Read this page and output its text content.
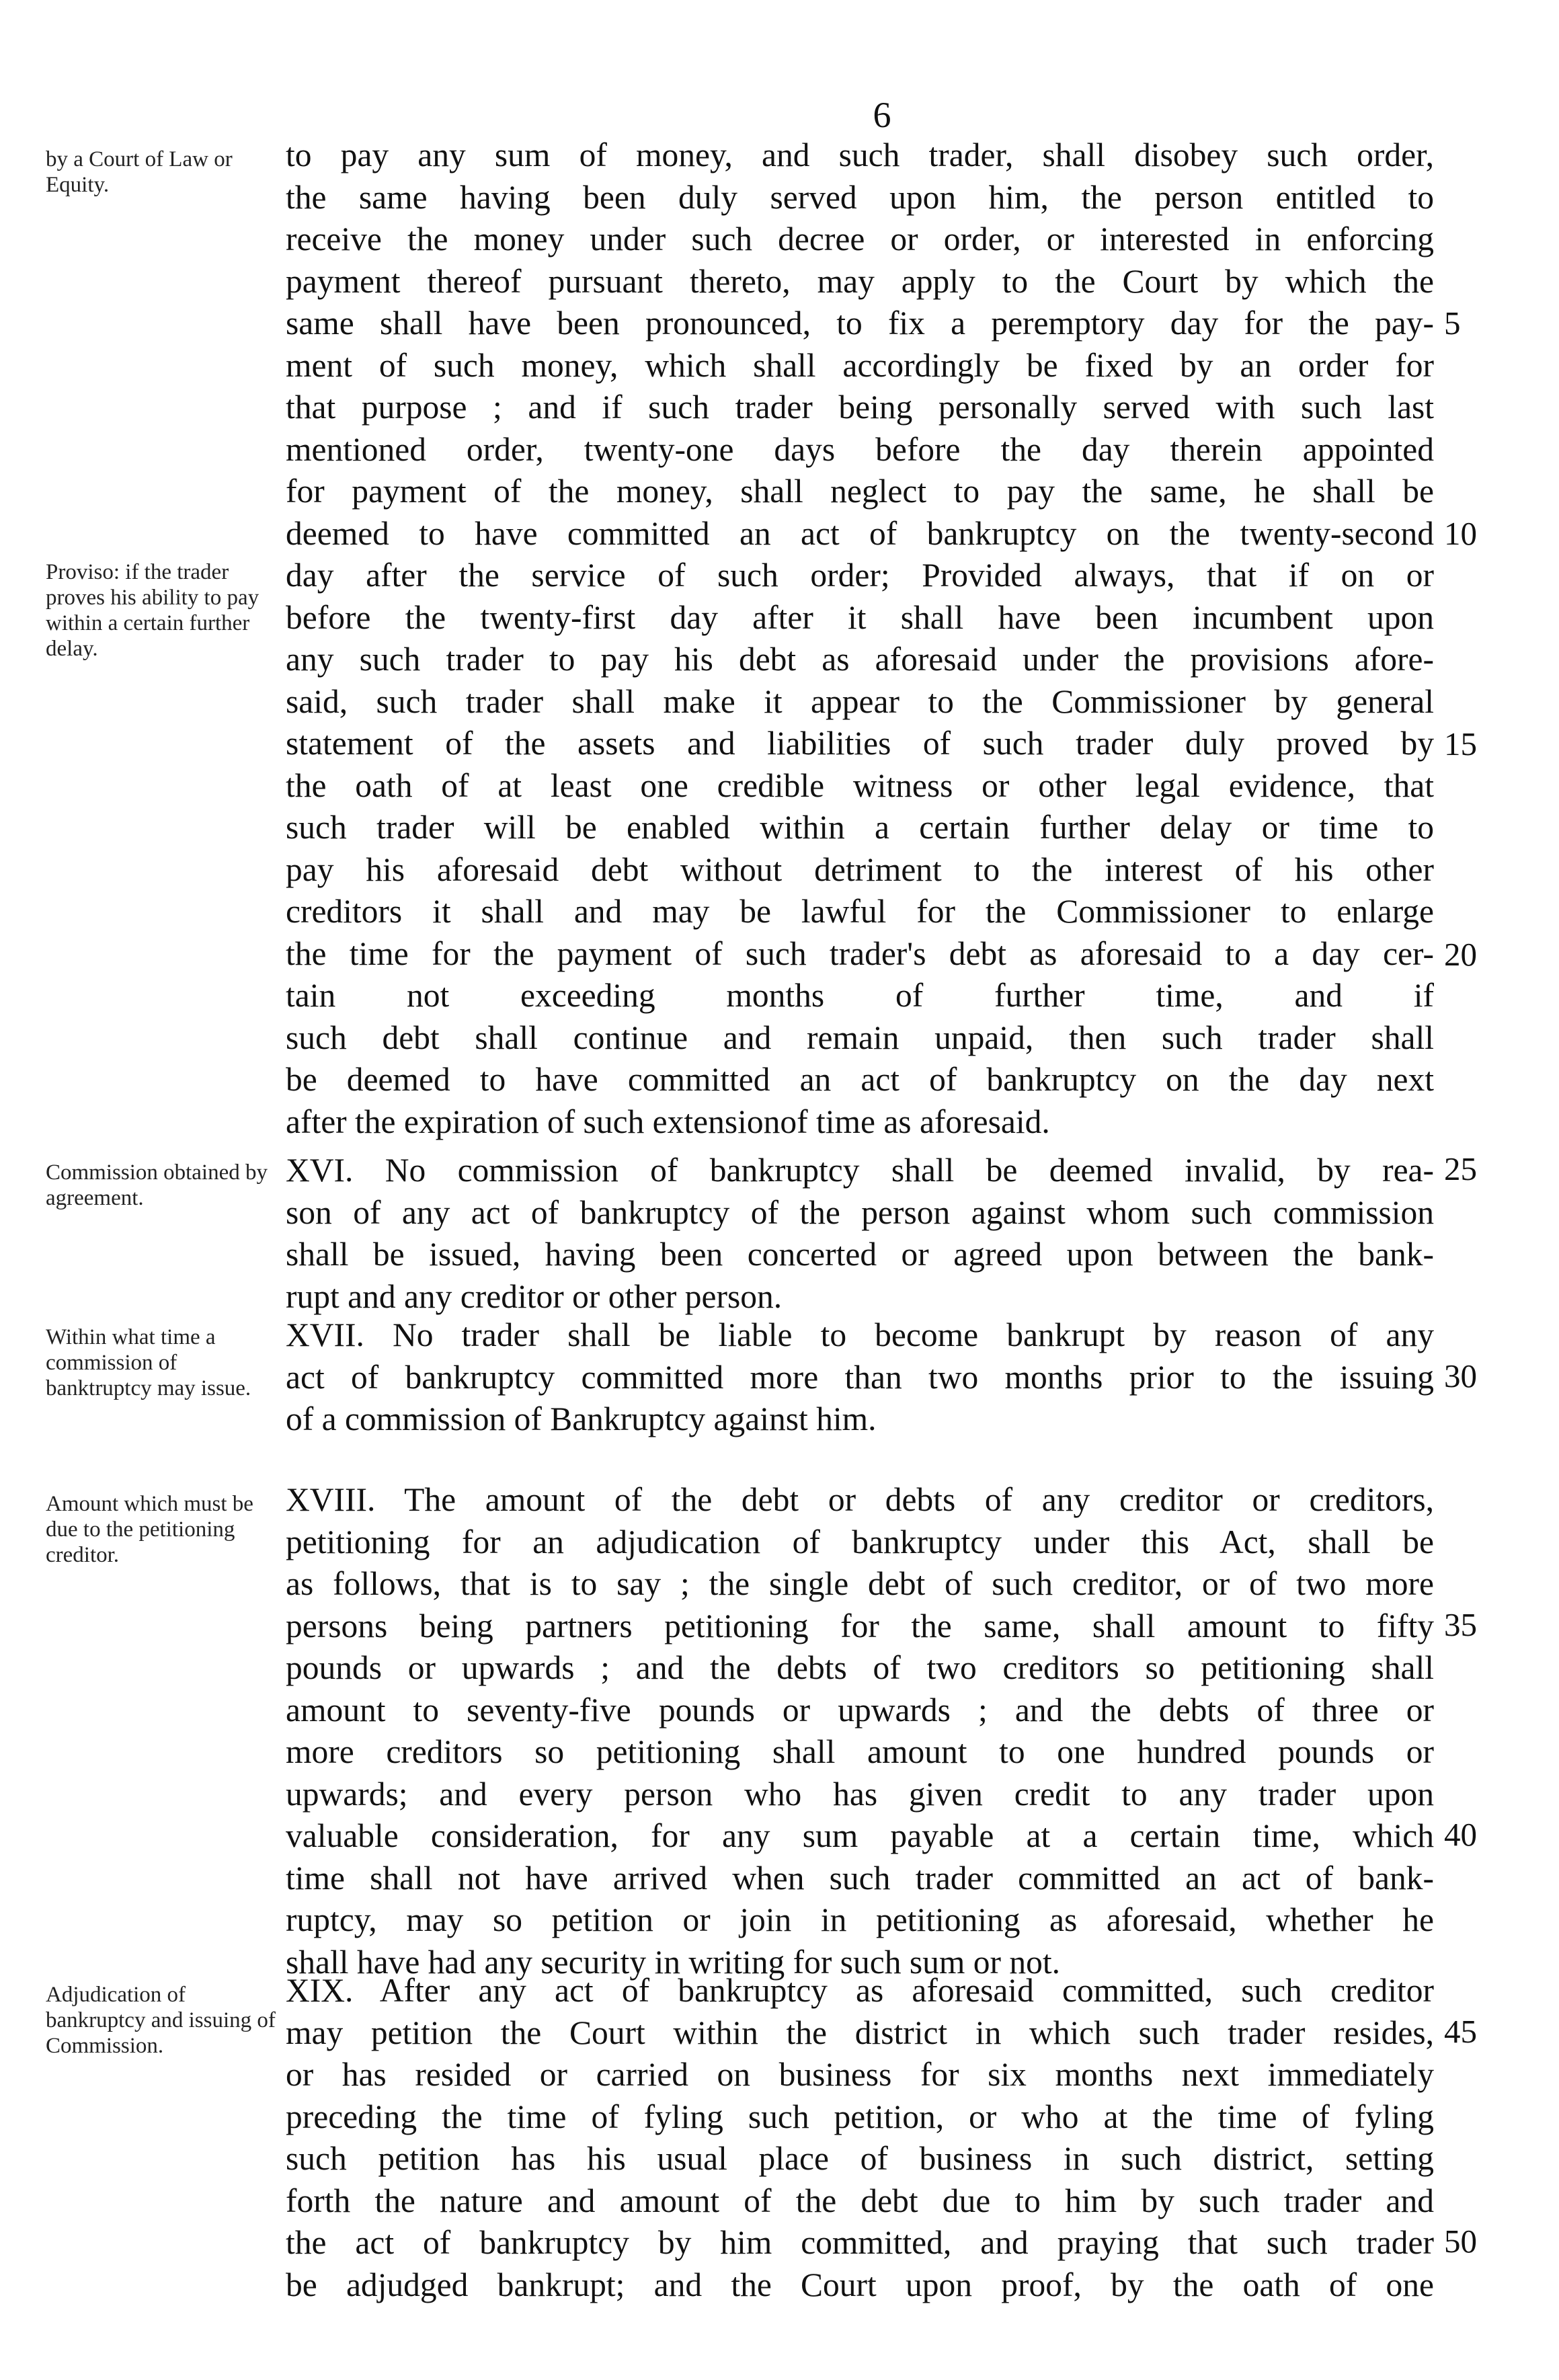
6
by a Court of Law or Equity.
Proviso: if the trader proves his ability to pay within a certain further delay.
to pay any sum of money, and such trader, shall disobey such order,
the same having been duly served upon him, the person entitled to
receive the money under such decree or order, or interested in enforcing
payment thereof pursuant thereto, may apply to the Court by which the
same shall have been pronounced, to fix a peremptory day for the pay-
ment of such money, which shall accordingly be fixed by an order for
that purpose ; and if such trader being personally served with such last
mentioned order, twenty-one days before the day therein appointed
for payment of the money, shall neglect to pay the same, he shall be
deemed to have committed an act of bankruptcy on the twenty-second
day after the service of such order; Provided always, that if on or
before the twenty-first day after it shall have been incumbent upon
any such trader to pay his debt as aforesaid under the provisions afore-
said, such trader shall make it appear to the Commissioner by general
statement of the assets and liabilities of such trader duly proved by
the oath of at least one credible witness or other legal evidence, that
such trader will be enabled within a certain further delay or time to
pay his aforesaid debt without detriment to the interest of his other
creditors it shall and may be lawful for the Commissioner to enlarge
the time for the payment of such trader's debt as aforesaid to a day cer-
tain not exceeding months of further time, and if
such debt shall continue and remain unpaid, then such trader shall
be deemed to have committed an act of bankruptcy on the day next
after the expiration of such extensionof time as aforesaid.
Commission obtained by agreement.
XVI. No commission of bankruptcy shall be deemed invalid, by rea-
son of any act of bankruptcy of the person against whom such commission
shall be issued, having been concerted or agreed upon between the bank-
rupt and any creditor or other person.
Within what time a commission of banktruptcy may issue.
XVII. No trader shall be liable to become bankrupt by reason of any
act of bankruptcy committed more than two months prior to the issuing
of a commission of Bankruptcy against him.
Amount which must be due to the petitioning creditor.
XVIII. The amount of the debt or debts of any creditor or creditors,
petitioning for an adjudication of bankruptcy under this Act, shall be
as follows, that is to say ; the single debt of such creditor, or of two more
persons being partners petitioning for the same, shall amount to fifty
pounds or upwards ; and the debts of two creditors so petitioning shall
amount to seventy-five pounds or upwards ; and the debts of three or
more creditors so petitioning shall amount to one hundred pounds or
upwards; and every person who has given credit to any trader upon
valuable consideration, for any sum payable at a certain time, which
time shall not have arrived when such trader committed an act of bank-
ruptcy, may so petition or join in petitioning as aforesaid, whether he
shall have had any security in writing for such sum or not.
Adjudication of bankruptcy and issuing of Commission.
XIX. After any act of bankruptcy as aforesaid committed, such creditor
may petition the Court within the district in which such trader resides,
or has resided or carried on business for six months next immediately
preceding the time of fyling such petition, or who at the time of fyling
such petition has his usual place of business in such district, setting
forth the nature and amount of the debt due to him by such trader and
the act of bankruptcy by him committed, and praying that such trader
be adjudged bankrupt; and the Court upon proof, by the oath of one
5
10
15
20
25
30
35
40
45
50
